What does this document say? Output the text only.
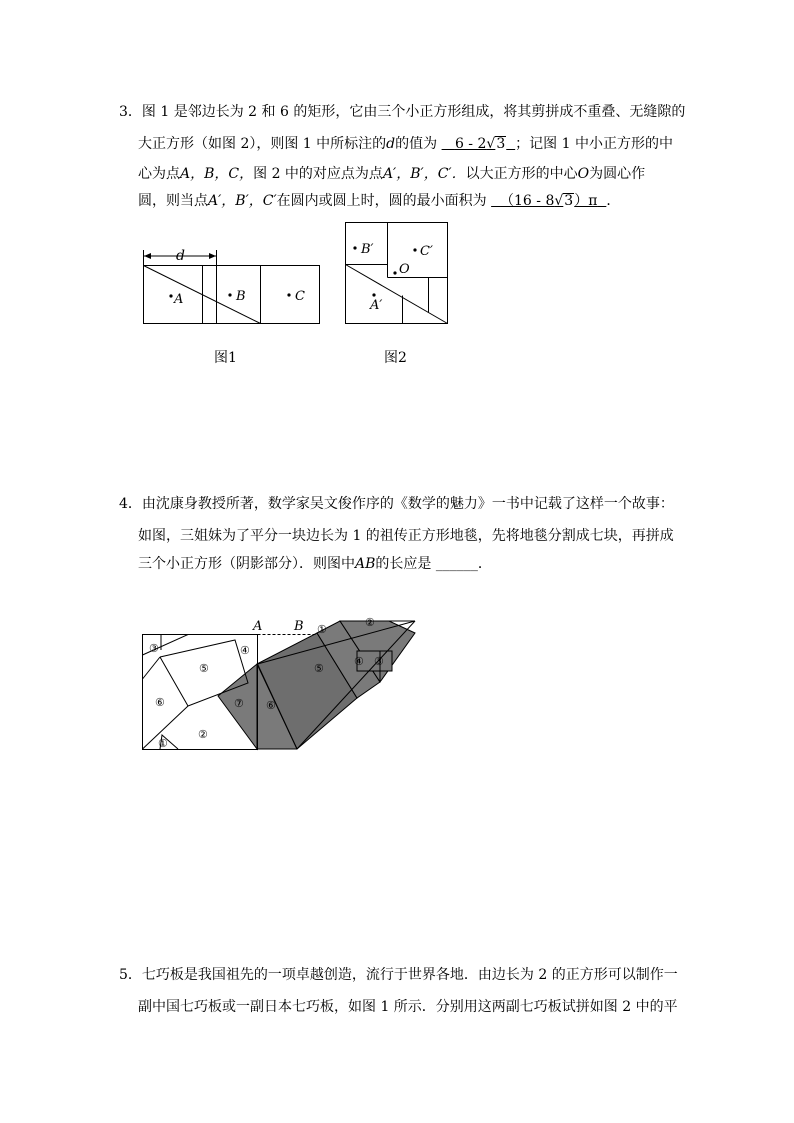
3．图 1 是邻边长为 2 和 6 的矩形，它由三个小正方形组成，将其剪拼成不重叠、无缝隙的
大正方形（如图 2），则图 1 中所标注的d的值为 6 - 2√3 ；记图 1 中小正方形的中
心为点A，B，C，图 2 中的对应点为点A′，B′，C′．以大正方形的中心O为圆心作
圆，则当点A′，B′，C′在圆内或圆上时，圆的最小面积为 （16 - 8√3）π ．
d
A	B	C
图1
B′	C′
O
A′
图2
4．由沈康身教授所著，数学家吴文俊作序的《数学的魅力》一书中记载了这样一个故事：
如图，三姐妹为了平分一块边长为 1 的祖传正方形地毯，先将地毯分割成七块，再拼成
三个小正方形（阴影部分）．则图中AB的长应是 ______．
A B
③	④
⑤
⑥
②
①
⑦ ⑥
⑤
①
②
④ ③
5．七巧板是我国祖先的一项卓越创造，流行于世界各地．由边长为 2 的正方形可以制作一
副中国七巧板或一副日本七巧板，如图 1 所示．分别用这两副七巧板试拼如图 2 中的平
